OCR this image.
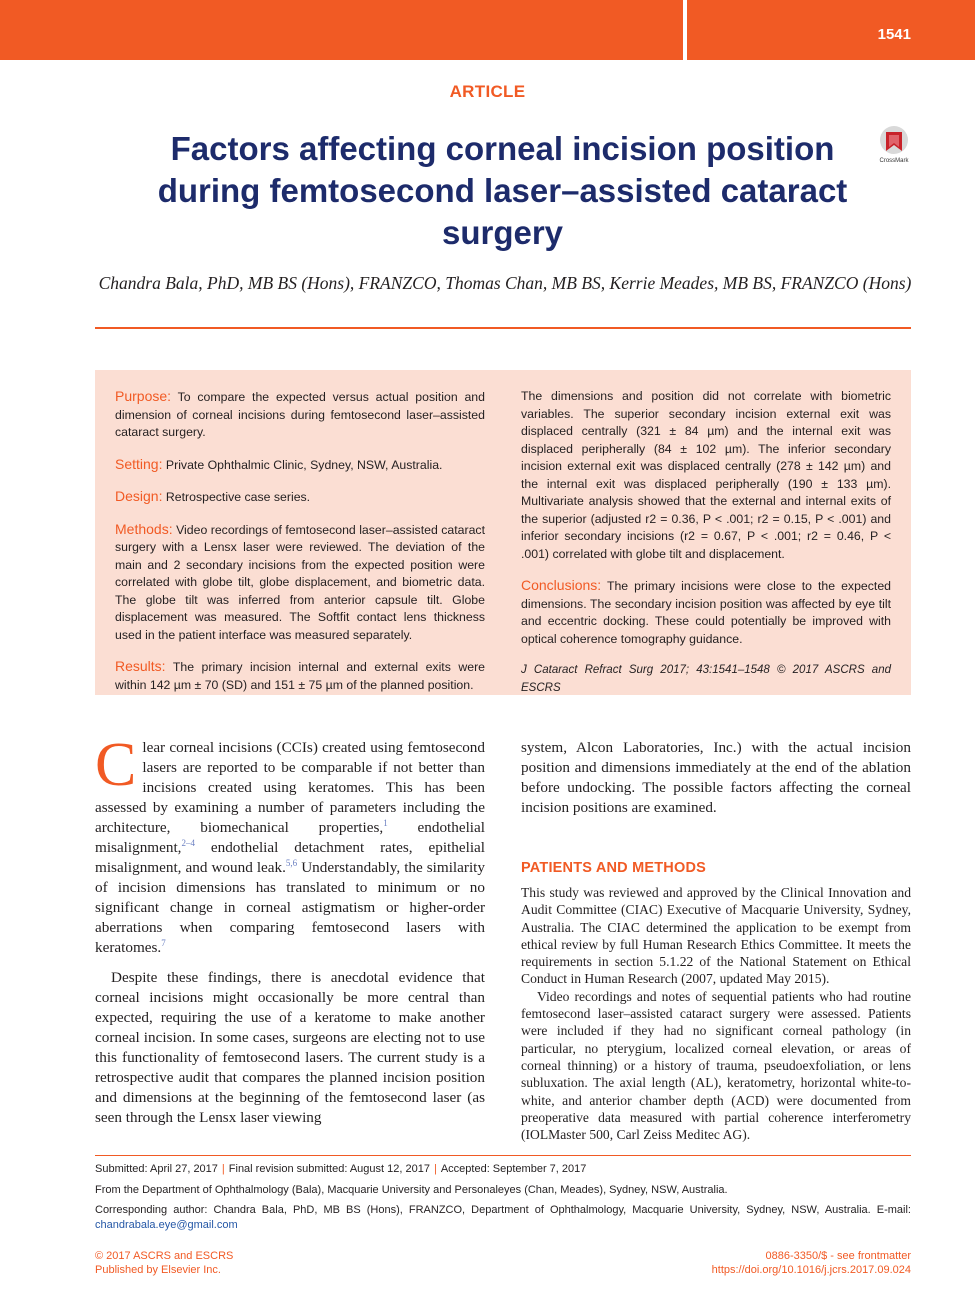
1541
ARTICLE
Factors affecting corneal incision position during femtosecond laser–assisted cataract surgery
CrossMark
Chandra Bala, PhD, MB BS (Hons), FRANZCO, Thomas Chan, MB BS, Kerrie Meades, MB BS, FRANZCO (Hons)

Purpose: To compare the expected versus actual position and dimension of corneal incisions during femtosecond laser–assisted cataract surgery.

Setting: Private Ophthalmic Clinic, Sydney, NSW, Australia.

Design: Retrospective case series.

Methods: Video recordings of femtosecond laser–assisted cataract surgery with a Lensx laser were reviewed. The deviation of the main and 2 secondary incisions from the expected position were correlated with globe tilt, globe displacement, and biometric data. The globe tilt was inferred from anterior capsule tilt. Globe displacement was measured. The Softfit contact lens thickness used in the patient interface was measured separately.

Results: The primary incision internal and external exits were within 142 µm ± 70 (SD) and 151 ± 75 µm of the planned position.

The dimensions and position did not correlate with biometric variables. The superior secondary incision external exit was displaced centrally (321 ± 84 µm) and the internal exit was displaced peripherally (84 ± 102 µm). The inferior secondary incision external exit was displaced centrally (278 ± 142 µm) and the internal exit was displaced peripherally (190 ± 133 µm). Multivariate analysis showed that the external and internal exits of the superior (adjusted r2 = 0.36, P < .001; r2 = 0.15, P < .001) and inferior secondary incisions (r2 = 0.67, P < .001; r2 = 0.46, P < .001) correlated with globe tilt and displacement.

Conclusions: The primary incisions were close to the expected dimensions. The secondary incision position was affected by eye tilt and eccentric docking. These could potentially be improved with optical coherence tomography guidance.

J Cataract Refract Surg 2017; 43:1541–1548 © 2017 ASCRS and ESCRS

Clear corneal incisions (CCIs) created using femtosecond lasers are reported to be comparable if not better than incisions created using keratomes. This has been assessed by examining a number of parameters including the architecture, biomechanical properties,$^1$ endothelial misalignment,$^{2-4}$ endothelial detachment rates, epithelial misalignment, and wound leak.$^{5,6}$ Understandably, the similarity of incision dimensions has translated to minimum or no significant change in corneal astigmatism or higher-order aberrations when comparing femtosecond lasers with keratomes.$^7$

Despite these findings, there is anecdotal evidence that corneal incisions might occasionally be more central than expected, requiring the use of a keratome to make another corneal incision. In some cases, surgeons are electing not to use this functionality of femtosecond lasers. The current study is a retrospective audit that compares the planned incision position and dimensions at the beginning of the femtosecond laser (as seen through the Lensx laser viewing

system, Alcon Laboratories, Inc.) with the actual incision position and dimensions immediately at the end of the ablation before undocking. The possible factors affecting the corneal incision positions are examined.

PATIENTS AND METHODS

This study was reviewed and approved by the Clinical Innovation and Audit Committee (CIAC) Executive of Macquarie University, Sydney, Australia. The CIAC determined the application to be exempt from ethical review by full Human Research Ethics Committee. It meets the requirements in section 5.1.22 of the National Statement on Ethical Conduct in Human Research (2007, updated May 2015).

Video recordings and notes of sequential patients who had routine femtosecond laser–assisted cataract surgery were assessed. Patients were included if they had no significant corneal pathology (in particular, no pterygium, localized corneal elevation, or areas of corneal thinning) or a history of trauma, pseudoexfoliation, or lens subluxation. The axial length (AL), keratometry, horizontal white-to-white, and anterior chamber depth (ACD) were documented from preoperative data measured with partial coherence interferometry (IOLMaster 500, Carl Zeiss Meditec AG).

Submitted: April 27, 2017 | Final revision submitted: August 12, 2017 | Accepted: September 7, 2017
From the Department of Ophthalmology (Bala), Macquarie University and Personaleyes (Chan, Meades), Sydney, NSW, Australia.
Corresponding author: Chandra Bala, PhD, MB BS (Hons), FRANZCO, Department of Ophthalmology, Macquarie University, Sydney, NSW, Australia. E-mail: chandrabala.eye@gmail.com
© 2017 ASCRS and ESCRS
Published by Elsevier Inc.
0886-3350/$ - see frontmatter
https://doi.org/10.1016/j.jcrs.2017.09.024
